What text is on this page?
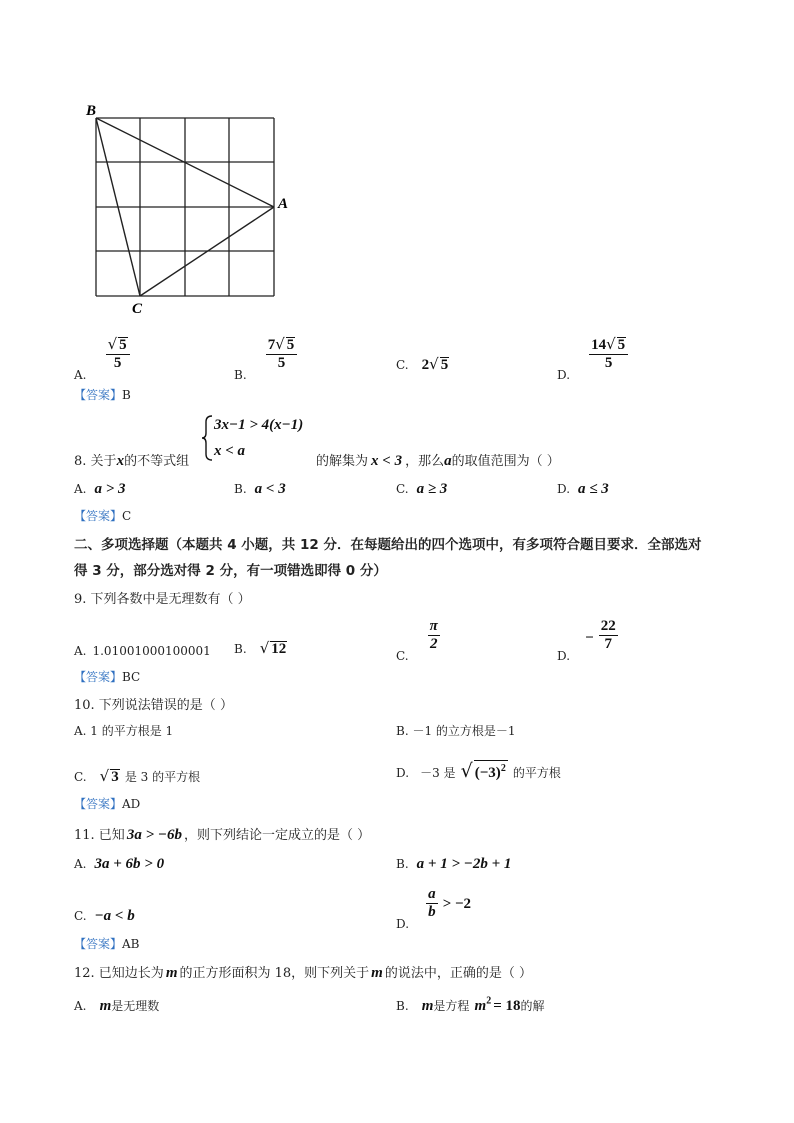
B
A
C
$_{A.}$
$\frac{√ 5}{5}$
$_{B.}$
$\frac{7√ 5}{5}$	C. 2√ 5
$_{D.}$
$\frac{14√ 5}{5}$
【答案】B
8. 关于x的不等式组
3x−1 > 4(x−1)
x < a
的解集为 x < 3 ，那么a的取值范围为（ ）
A. a > 3	B. a < 3	C. a ≥ 3	D. a ≤ 3
【答案】C
二、多项选择题（本题共 4 小题，共 12 分．在每题给出的四个选项中，有多项符合题目要求．全部选对
得 3 分，部分选对得 2 分，有一项错选即得 0 分）
9. 下列各数中是无理数有（ ）
A. 1.01001000100001 B. √ 12	$_{C.}$
$\frac{\pi}{2}$
$_{D.} - \frac{22}{7}$
【答案】BC
10. 下列说法错误的是（ ）
A. 1 的平方根是 1	B. －1 的立方根是－1
C. √ 3 是 3 的平方根	D. －3 是 √ $(-3)^2$ 的平方根
【答案】AD
11. 已知 3a > −6b ，则下列结论一定成立的是（ ）
A. 3a + 6b > 0	B. a + 1 > −2b + 1
C. −a < b	$_{D.}$
$\frac{a}{b} > -2$
【答案】AB
12. 已知边长为 m 的正方形面积为 18，则下列关于 m 的说法中，正确的是（ ）
A. m是无理数	B. m是方程 $m^2 = 18$的解
